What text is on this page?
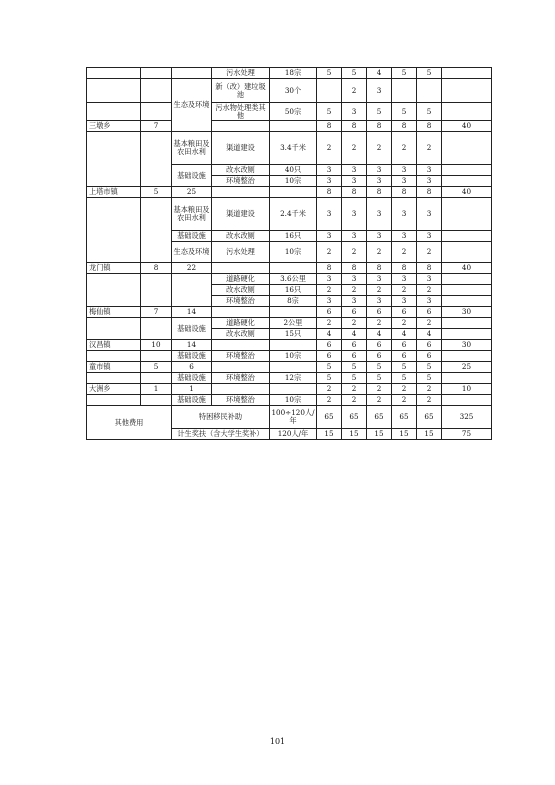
			污水处理	18宗	5	5	4	5	5	
		生态及环境	新（改）建垃圾池	30个		2	3			
			污水物处理类其他	50宗	5	3	5	5	5	
三墩乡	7				8	8	8	8	8	40
		基本粮田及农田水利	渠道建设	3.4千米	2	2	2	2	2	
		基础设施	改水改厕	40只	3	3	3	3	3	
			环境整治	10宗	3	3	3	3	3	
上塔市镇	5	25			8	8	8	8	8	40
		基本粮田及农田水利	渠道建设	2.4千米	3	3	3	3	3	
		基础设施	改水改厕	16只	3	3	3	3	3	
		生态及环境	污水处理	10宗	2	2	2	2	2	
龙门镇	8	22			8	8	8	8	8	40
			道路硬化	3.6公里	3	3	3	3	3	
			改水改厕	16只	2	2	2	2	2	
			环境整治	8宗	3	3	3	3	3	
梅仙镇	7	14			6	6	6	6	6	30
		基础设施	道路硬化	2公里	2	2	2	2	2	
			改水改厕	15只	4	4	4	4	4	
汉昌镇	10	14			6	6	6	6	6	30
		基础设施	环境整治	10宗	6	6	6	6	6	
童市镇	5	6			5	5	5	5	5	25
		基础设施	环境整治	12宗	5	5	5	5	5	
大洲乡	1	1			2	2	2	2	2	10
		基础设施	环境整治	10宗	2	2	2	2	2	
其他费用		特困移民补助		100÷120人/年	65	65	65	65	65	325
		计生奖扶（含大学生奖补）		120人/年	15	15	15	15	15	75
101
